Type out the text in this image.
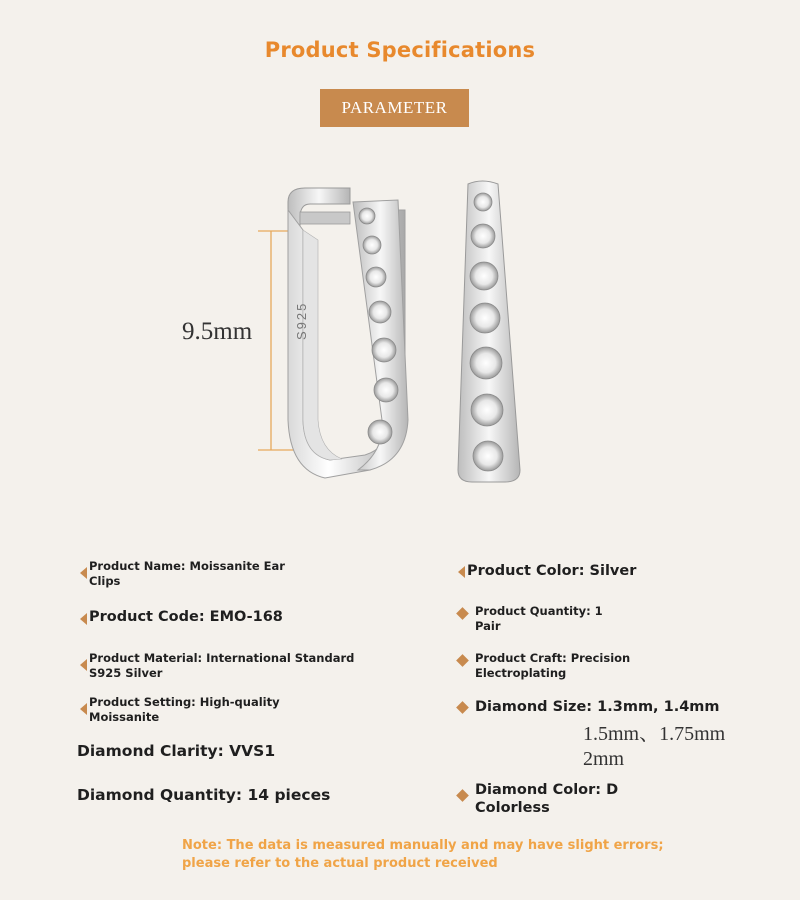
Product Specifications
PARAMETER
S925
9.5mm
Product Name: Moissanite Ear Clips
Product Code: EMO-168
Product Material: International Standard S925 Silver
Product Setting: High-quality Moissanite
Diamond Clarity: VVS1
Diamond Quantity: 14 pieces
Product Color: Silver
Product Quantity: 1 Pair
Product Craft: Precision Electroplating
Diamond Size: 1.3mm, 1.4mm
1.5mm、1.75mm
2mm
Diamond Color: D Colorless
Note: The data is measured manually and may have slight errors; please refer to the actual product received
